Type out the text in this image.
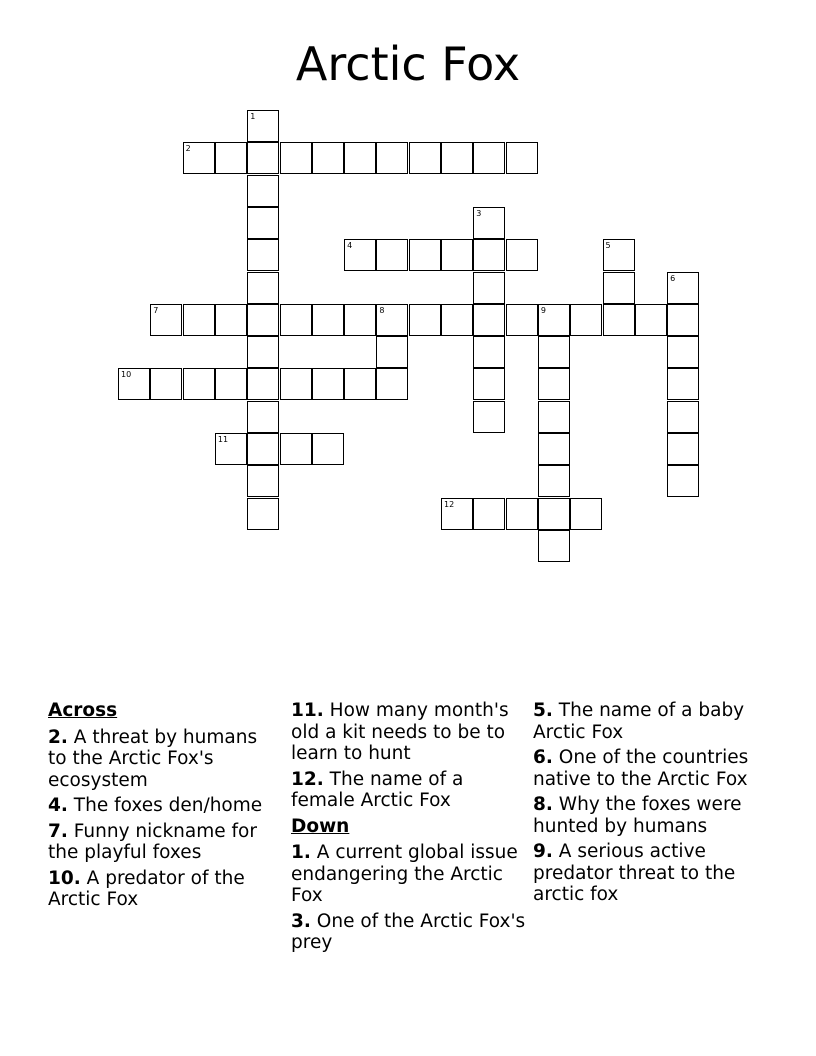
Arctic Fox
1
2
3
4	5
6
7	8	9
10
11
12
Across
2. A threat by humans to the Arctic Fox's ecosystem
4. The foxes den/home
7. Funny nickname for the playful foxes
10. A predator of the Arctic Fox
11. How many month's old a kit needs to be to learn to hunt
12. The name of a female Arctic Fox
Down
1. A current global issue endangering the Arctic Fox
3. One of the Arctic Fox's prey
5. The name of a baby Arctic Fox
6. One of the countries native to the Arctic Fox
8. Why the foxes were hunted by humans
9. A serious active predator threat to the arctic fox
